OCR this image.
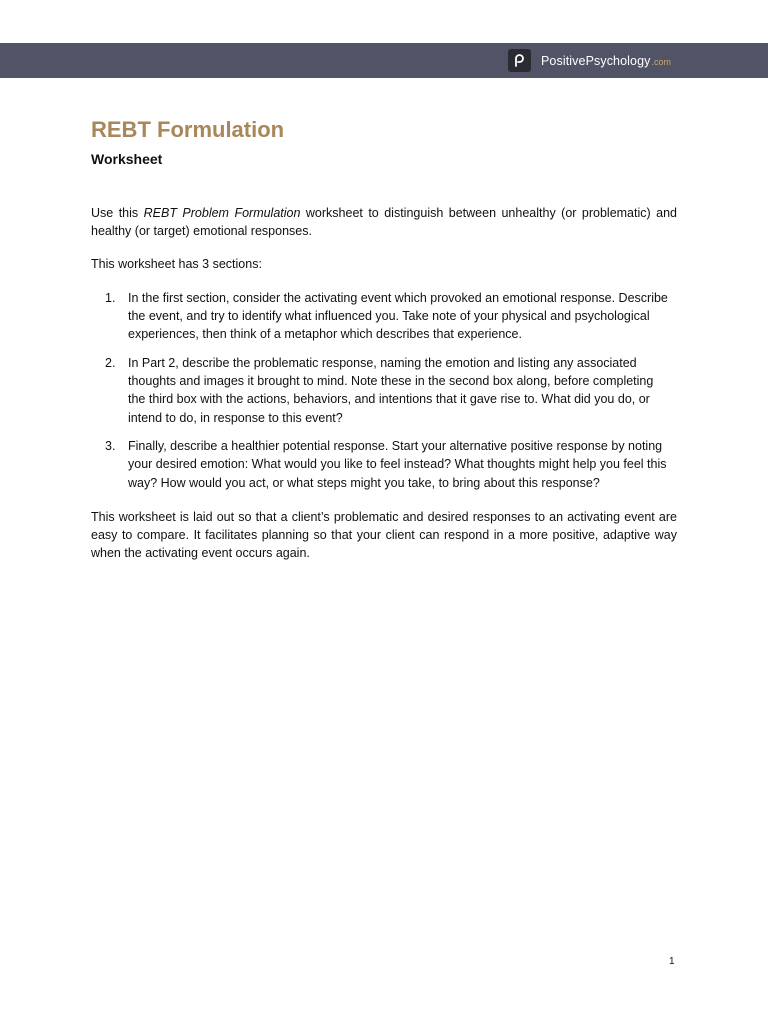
PositivePsychology .com
REBT Formulation
Worksheet

Use this REBT Problem Formulation worksheet to distinguish between unhealthy (or problematic) and healthy (or target) emotional responses.

This worksheet has 3 sections:

1. In the first section, consider the activating event which provoked an emotional response. Describe the event, and try to identify what influenced you. Take note of your physical and psychological experiences, then think of a metaphor which describes that experience.
2. In Part 2, describe the problematic response, naming the emotion and listing any associated thoughts and images it brought to mind. Note these in the second box along, before completing the third box with the actions, behaviors, and intentions that it gave rise to. What did you do, or intend to do, in response to this event?
3. Finally, describe a healthier potential response. Start your alternative positive response by noting your desired emotion: What would you like to feel instead? What thoughts might help you feel this way? How would you act, or what steps might you take, to bring about this response?

This worksheet is laid out so that a client’s problematic and desired responses to an activating event are easy to compare. It facilitates planning so that your client can respond in a more positive, adaptive way when the activating event occurs again.

1
